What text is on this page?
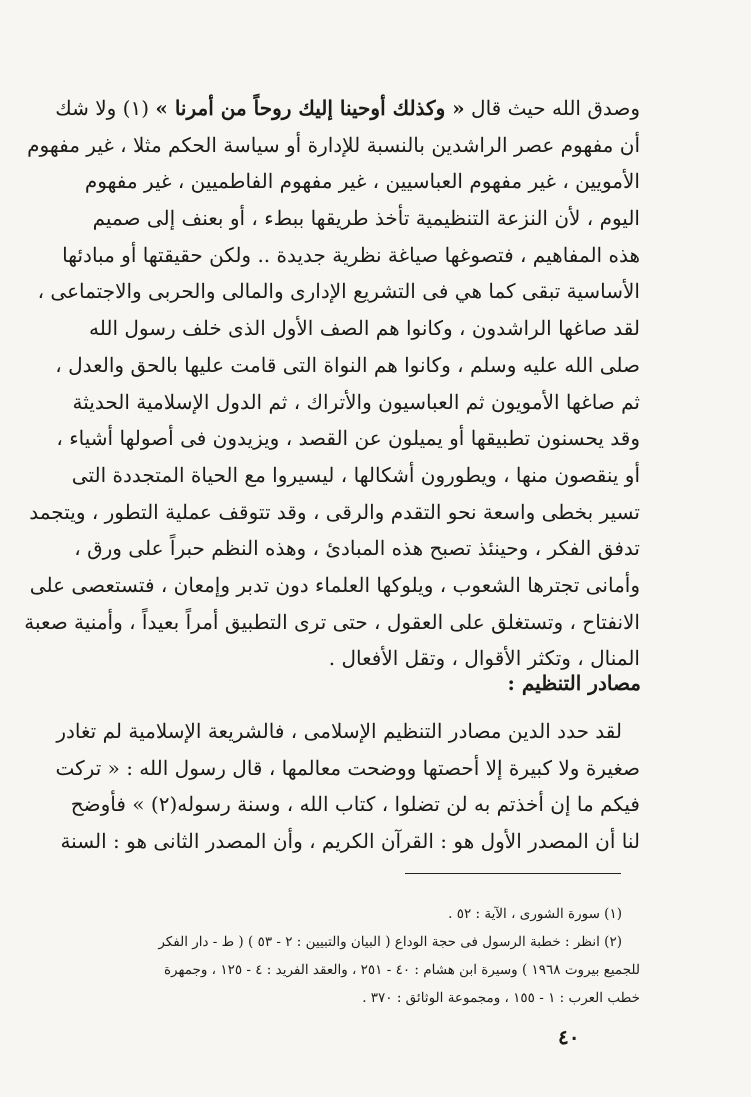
وصدق الله حيث قال « وكذلك أوحينا إليك روحاً من أمرنا » (١) ولا شك
أن مفهوم عصر الراشدين بالنسبة للإدارة أو سياسة الحكم مثلا ، غير مفهوم
الأمويين ، غير مفهوم العباسيين ، غير مفهوم الفاطميين ، غير مفهوم
اليوم ، لأن النزعة التنظيمية تأخذ طريقها ببطء ، أو بعنف إلى صميم
هذه المفاهيم ، فتصوغها صياغة نظرية جديدة .. ولكن حقيقتها أو مبادئها
الأساسية تبقى كما هي فى التشريع الإدارى والمالى والحربى والاجتماعى ،
لقد صاغها الراشدون ، وكانوا هم الصف الأول الذى خلف رسول الله
صلى الله عليه وسلم ، وكانوا هم النواة التى قامت عليها بالحق والعدل ،
ثم صاغها الأمويون ثم العباسيون والأتراك ، ثم الدول الإسلامية الحديثة
وقد يحسنون تطبيقها أو يميلون عن القصد ، ويزيدون فى أصولها أشياء ،
أو ينقصون منها ، ويطورون أشكالها ، ليسيروا مع الحياة المتجددة التى
تسير بخطى واسعة نحو التقدم والرقى ، وقد تتوقف عملية التطور ، ويتجمد
تدفق الفكر ، وحينئذ تصبح هذه المبادئ ، وهذه النظم حبراً على ورق ،
وأمانى تجترها الشعوب ، ويلوكها العلماء دون تدبر وإمعان ، فتستعصى على
الانفتاح ، وتستغلق على العقول ، حتى ترى التطبيق أمراً بعيداً ، وأمنية صعبة
المنال ، وتكثر الأقوال ، وتقل الأفعال .
مصادر التنظيم :
لقد حدد الدين مصادر التنظيم الإسلامى ، فالشريعة الإسلامية لم تغادر
صغيرة ولا كبيرة إلا أحصتها ووضحت معالمها ، قال رسول الله : « تركت
فيكم ما إن أخذتم به لن تضلوا ، كتاب الله ، وسنة رسوله(٢) » فأوضح
لنا أن المصدر الأول هو : القرآن الكريم ، وأن المصدر الثانى هو : السنة
(١) سورة الشورى ، الآية : ٥٢ .
(٢) انظر : خطبة الرسول فى حجة الوداع ( البيان والتبيين : ٢ - ٥٣ ) ( ط - دار الفكر
للجميع بيروت ١٩٦٨ ) وسيرة ابن هشام : ٤٠ - ٢٥١ ، والعقد الفريد : ٤ - ١٢٥ ، وجمهرة
خطب العرب : ١ - ١٥٥ ، ومجموعة الوثائق : ٣٧٠ .
٤٠
